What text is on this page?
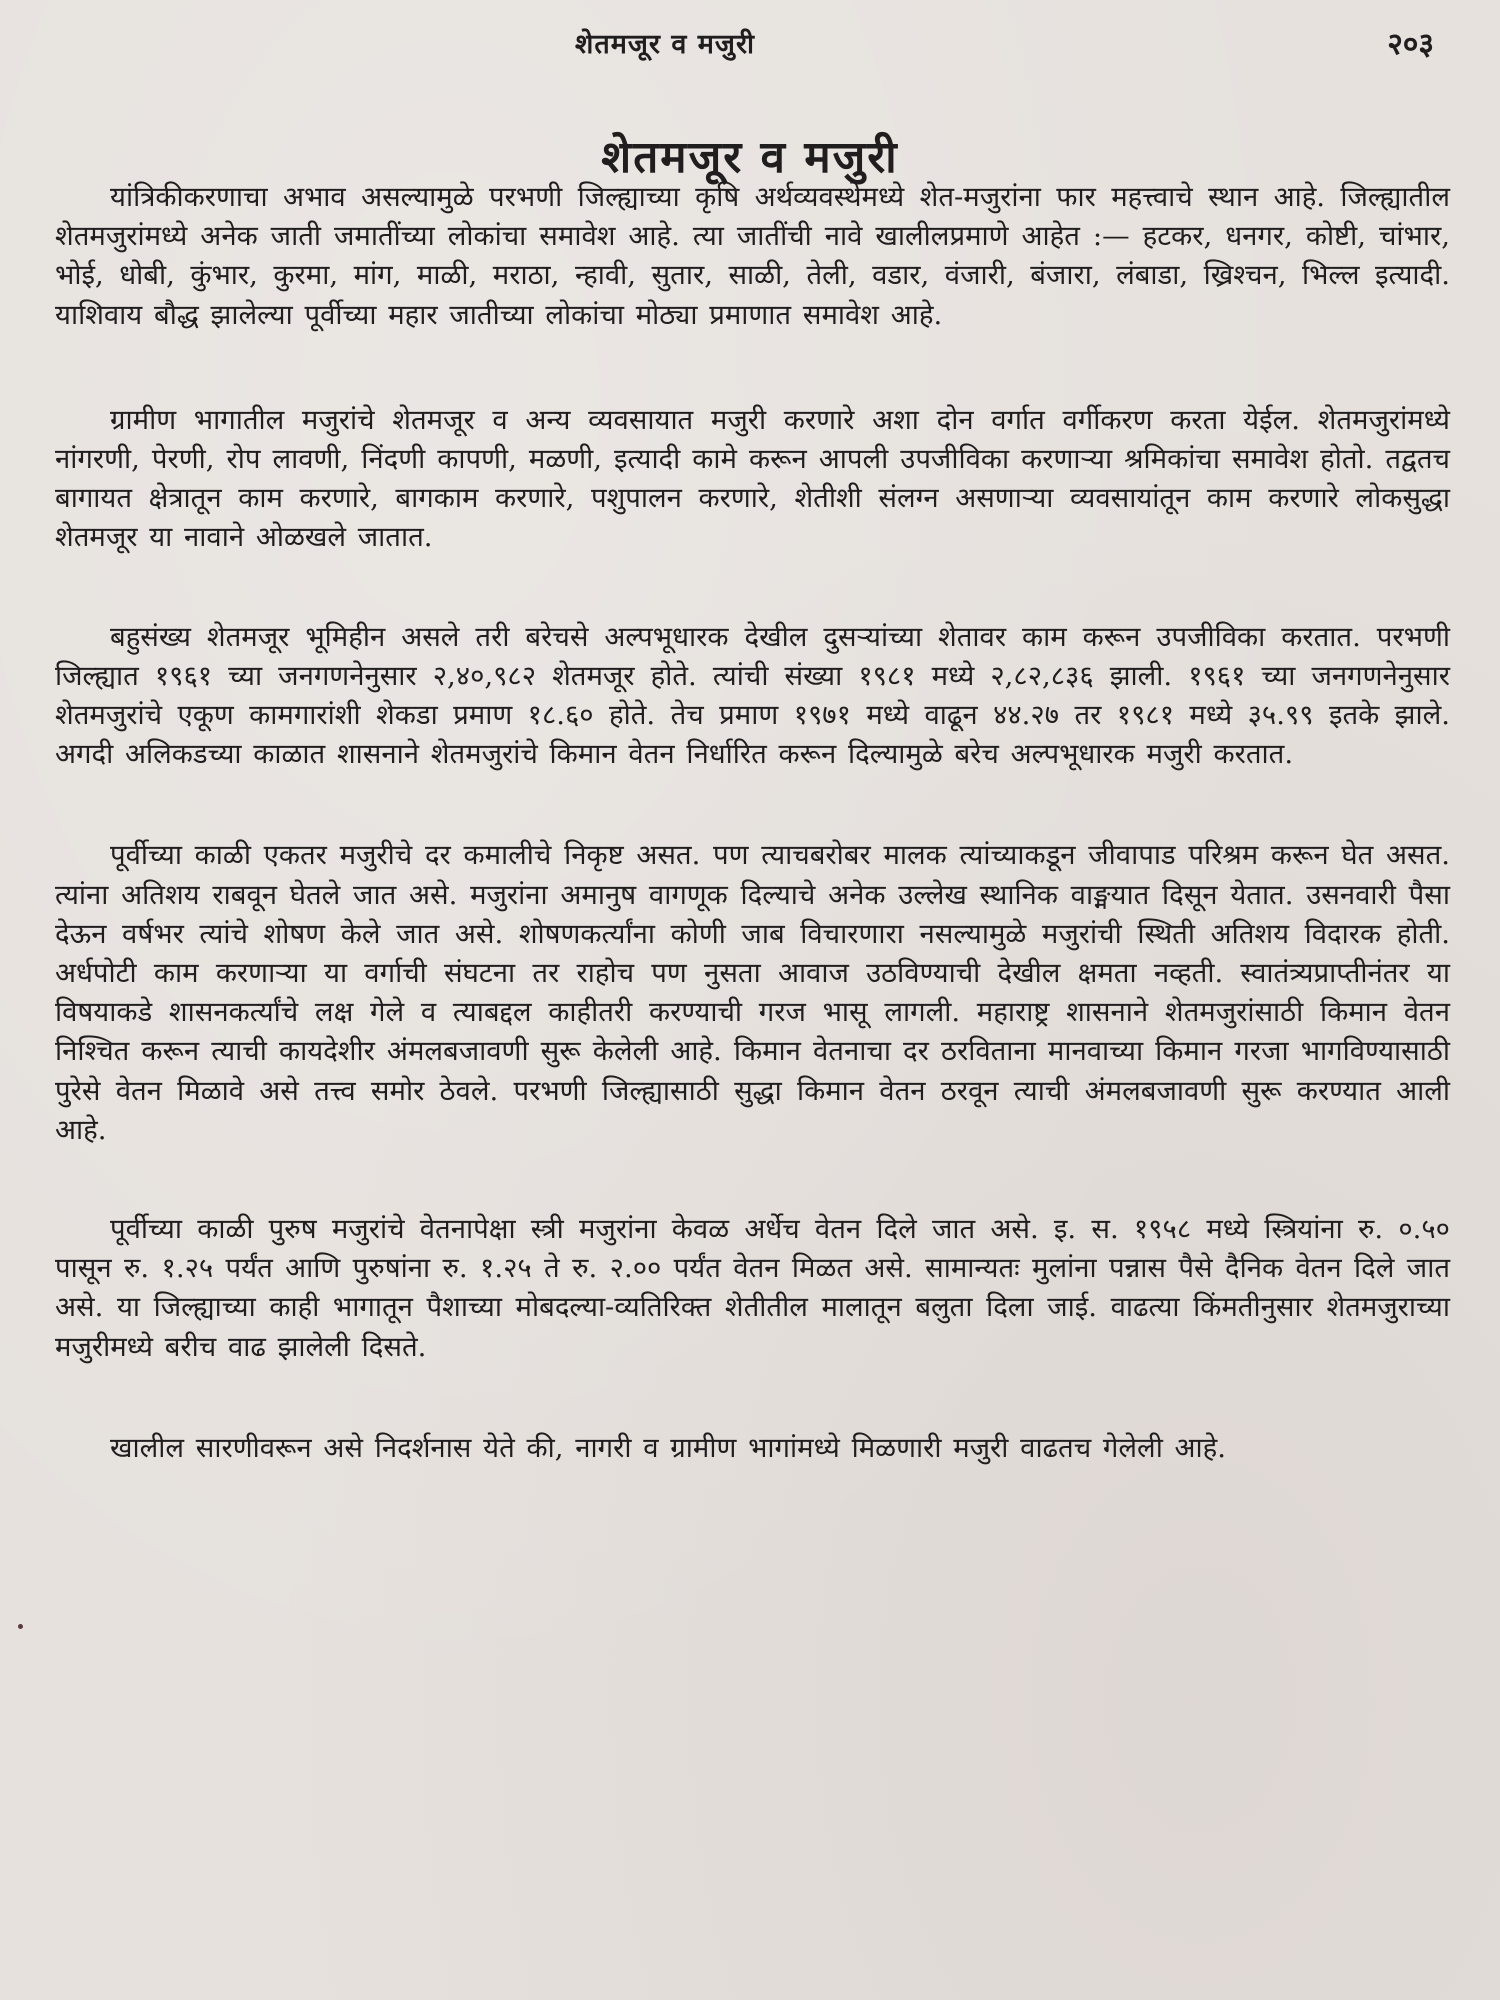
शेतमजूर व मजुरी	२०३
शेतमजूर व मजुरी

यांत्रिकीकरणाचा अभाव असल्यामुळे परभणी जिल्ह्याच्या कृषि अर्थव्यवस्थेमध्ये शेत-मजुरांना फार महत्त्वाचे स्थान आहे. जिल्ह्यातील शेतमजुरांमध्ये अनेक जाती जमातींच्या लोकांचा समावेश आहे. त्या जातींची नावे खालीलप्रमाणे आहेत :— हटकर, धनगर, कोष्टी, चांभार, भोई, धोबी, कुंभार, कुरमा, मांग, माळी, मराठा, न्हावी, सुतार, साळी, तेली, वडार, वंजारी, बंजारा, लंबाडा, ख्रिश्चन, भिल्ल इत्यादी. याशिवाय बौद्ध झालेल्या पूर्वीच्या महार जातीच्या लोकांचा मोठ्या प्रमाणात समावेश आहे.

ग्रामीण भागातील मजुरांचे शेतमजूर व अन्य व्यवसायात मजुरी करणारे अशा दोन वर्गात वर्गीकरण करता येईल. शेतमजुरांमध्ये नांगरणी, पेरणी, रोप लावणी, निंदणी कापणी, मळणी, इत्यादी कामे करून आपली उपजीविका करणाऱ्या श्रमिकांचा समावेश होतो. तद्वतच बागायत क्षेत्रातून काम करणारे, बागकाम करणारे, पशुपालन करणारे, शेतीशी संलग्न असणाऱ्या व्यवसायांतून काम करणारे लोकसुद्धा शेतमजूर या नावाने ओळखले जातात.

बहुसंख्य शेतमजूर भूमिहीन असले तरी बरेचसे अल्पभूधारक देखील दुसऱ्यांच्या शेतावर काम करून उपजीविका करतात. परभणी जिल्ह्यात १९६१ च्या जनगणनेनुसार २,४०,९८२ शेतमजूर होते. त्यांची संख्या १९८१ मध्ये २,८२,८३६ झाली. १९६१ च्या जनगणनेनुसार शेतमजुरांचे एकूण कामगारांशी शेकडा प्रमाण १८.६० होते. तेच प्रमाण १९७१ मध्ये वाढून ४४.२७ तर १९८१ मध्ये ३५.९९ इतके झाले. अगदी अलिकडच्या काळात शासनाने शेतमजुरांचे किमान वेतन निर्धारित करून दिल्यामुळे बरेच अल्पभूधारक मजुरी करतात.

पूर्वीच्या काळी एकतर मजुरीचे दर कमालीचे निकृष्ट असत. पण त्याचबरोबर मालक त्यांच्याकडून जीवापाड परिश्रम करून घेत असत. त्यांना अतिशय राबवून घेतले जात असे. मजुरांना अमानुष वागणूक दिल्याचे अनेक उल्लेख स्थानिक वाङ्मयात दिसून येतात. उसनवारी पैसा देऊन वर्षभर त्यांचे शोषण केले जात असे. शोषणकर्त्यांना कोणी जाब विचारणारा नसल्यामुळे मजुरांची स्थिती अतिशय विदारक होती. अर्धपोटी काम करणाऱ्या या वर्गाची संघटना तर राहोच पण नुसता आवाज उठविण्याची देखील क्षमता नव्हती. स्वातंत्र्यप्राप्तीनंतर या विषयाकडे शासनकर्त्यांचे लक्ष गेले व त्याबद्दल काहीतरी करण्याची गरज भासू लागली. महाराष्ट्र शासनाने शेतमजुरांसाठी किमान वेतन निश्चित करून त्याची कायदेशीर अंमलबजावणी सुरू केलेली आहे. किमान वेतनाचा दर ठरविताना मानवाच्या किमान गरजा भागविण्यासाठी पुरेसे वेतन मिळावे असे तत्त्व समोर ठेवले. परभणी जिल्ह्यासाठी सुद्धा किमान वेतन ठरवून त्याची अंमलबजावणी सुरू करण्यात आली आहे.

पूर्वीच्या काळी पुरुष मजुरांचे वेतनापेक्षा स्त्री मजुरांना केवळ अर्धेच वेतन दिले जात असे. इ. स. १९५८ मध्ये स्त्रियांना रु. ०.५० पासून रु. १.२५ पर्यंत आणि पुरुषांना रु. १.२५ ते रु. २.०० पर्यंत वेतन मिळत असे. सामान्यतः मुलांना पन्नास पैसे दैनिक वेतन दिले जात असे. या जिल्ह्याच्या काही भागातून पैशाच्या मोबदल्या-व्यतिरिक्त शेतीतील मालातून बलुता दिला जाई. वाढत्या किंमतीनुसार शेतमजुराच्या मजुरीमध्ये बरीच वाढ झालेली दिसते.

खालील सारणीवरून असे निदर्शनास येते की, नागरी व ग्रामीण भागांमध्ये मिळणारी मजुरी वाढतच गेलेली आहे.
